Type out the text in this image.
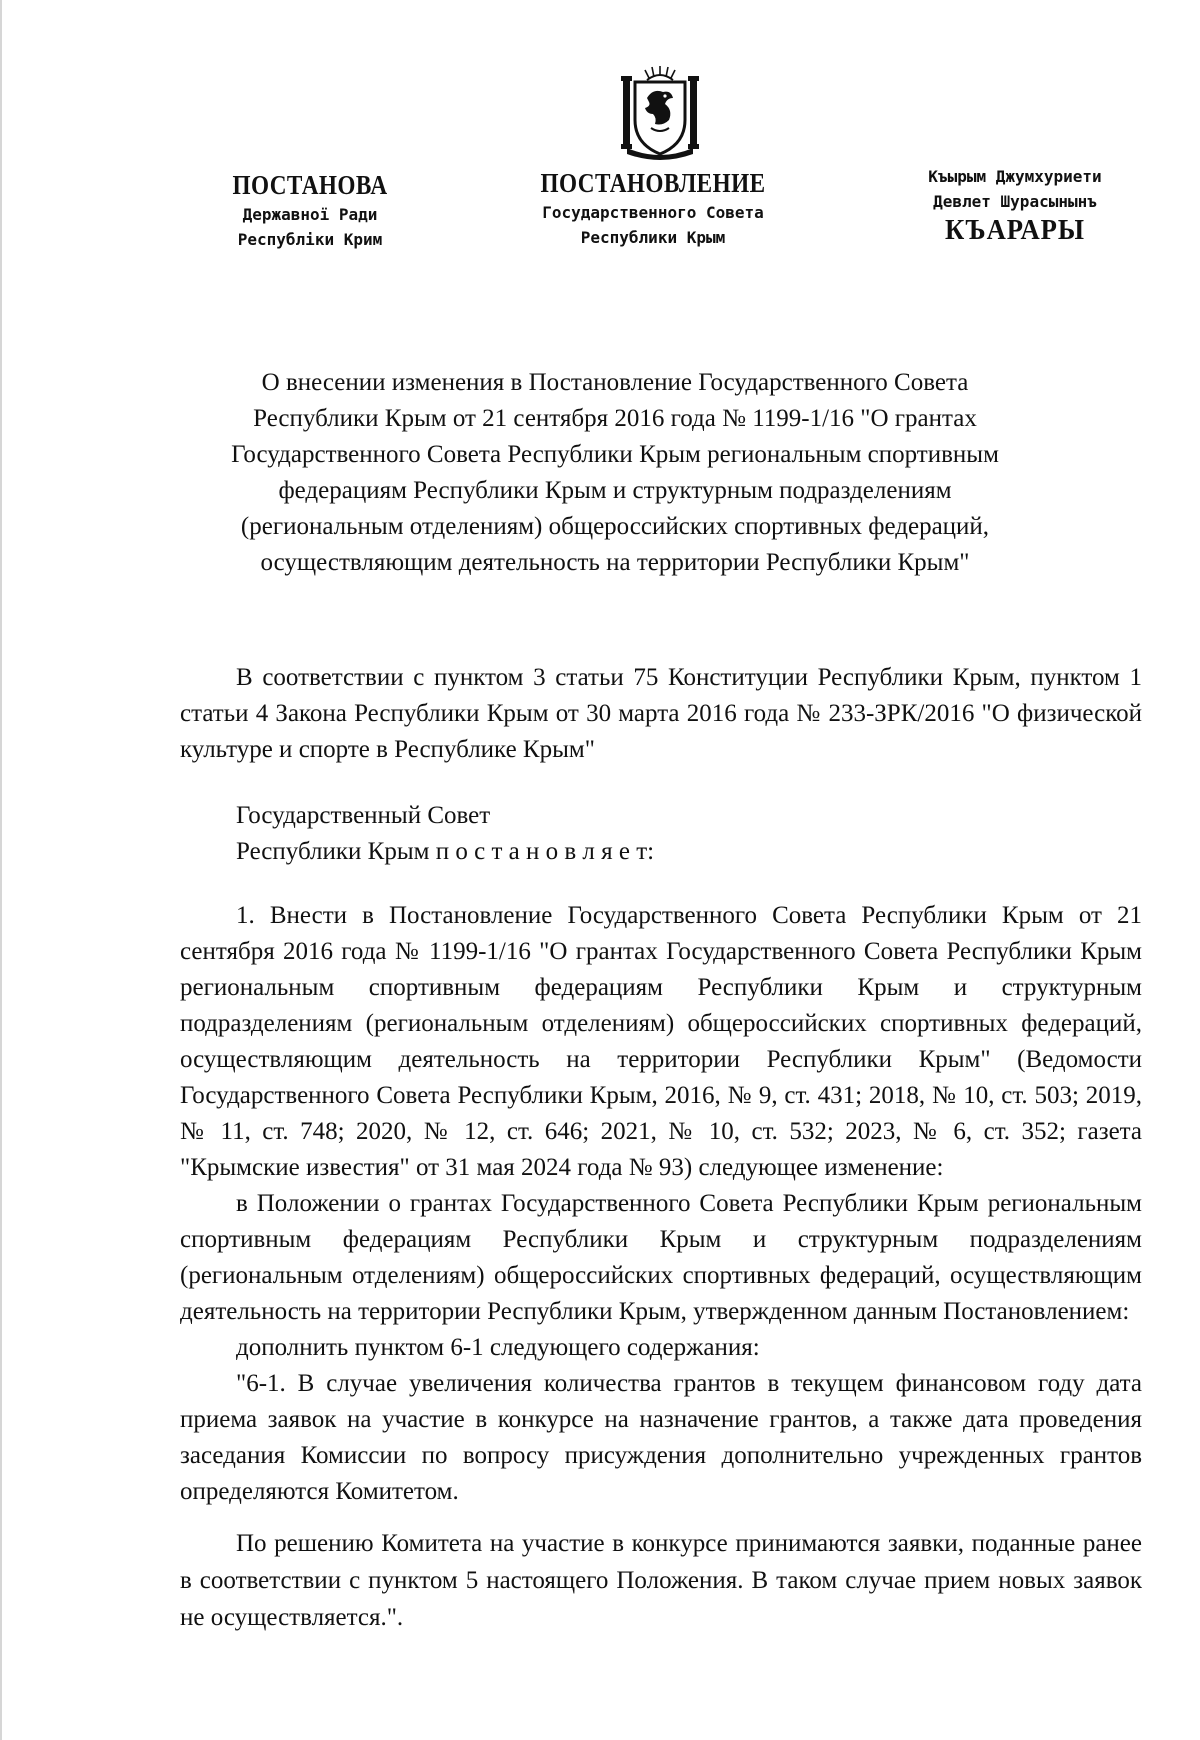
ПОСТАНОВА
Державної Ради
Республіки Крим
ПОСТАНОВЛЕНИЕ
Государственного Совета
Республики Крым
Къырым Джумхуриети
Девлет Шурасынынъ
КЪАРАРЫ

О внесении изменения в Постановление Государственного Совета

Республики Крым от 21 сентября 2016 года № 1199-1/16 "О грантах

Государственного Совета Республики Крым региональным спортивным

федерациям Республики Крым и структурным подразделениям

(региональным отделениям) общероссийских спортивных федераций,

осуществляющим деятельность на территории Республики Крым"

В соответствии с пунктом 3 статьи 75 Конституции Республики Крым, пунктом 1 статьи 4 Закона Республики Крым от 30 марта 2016 года № 233-ЗРК/2016 "О физической культуре и спорте в Республике Крым"

Государственный Совет

Республики Крым п о с т а н о в л я е т:

1. Внести в Постановление Государственного Совета Республики Крым от 21 сентября 2016 года № 1199-1/16 "О грантах Государственного Совета Республики Крым региональным спортивным федерациям Республики Крым и структурным подразделениям (региональным отделениям) общероссийских спортивных федераций, осуществляющим деятельность на территории Республики Крым" (Ведомости Государственного Совета Республики Крым, 2016, № 9, ст. 431; 2018, № 10, ст. 503; 2019, № 11, ст. 748; 2020, № 12, ст. 646; 2021, № 10, ст. 532; 2023, № 6, ст. 352; газета "Крымские известия" от 31 мая 2024 года № 93) следующее изменение:

в Положении о грантах Государственного Совета Республики Крым региональным спортивным федерациям Республики Крым и структурным подразделениям (региональным отделениям) общероссийских спортивных федераций, осуществляющим деятельность на территории Республики Крым, утвержденном данным Постановлением:

дополнить пунктом 6-1 следующего содержания:

"6-1. В случае увеличения количества грантов в текущем финансовом году дата приема заявок на участие в конкурсе на назначение грантов, а также дата проведения заседания Комиссии по вопросу присуждения дополнительно учрежденных грантов определяются Комитетом.

По решению Комитета на участие в конкурсе принимаются заявки, поданные ранее в соответствии с пунктом 5 настоящего Положения. В таком случае прием новых заявок не осуществляется.".
